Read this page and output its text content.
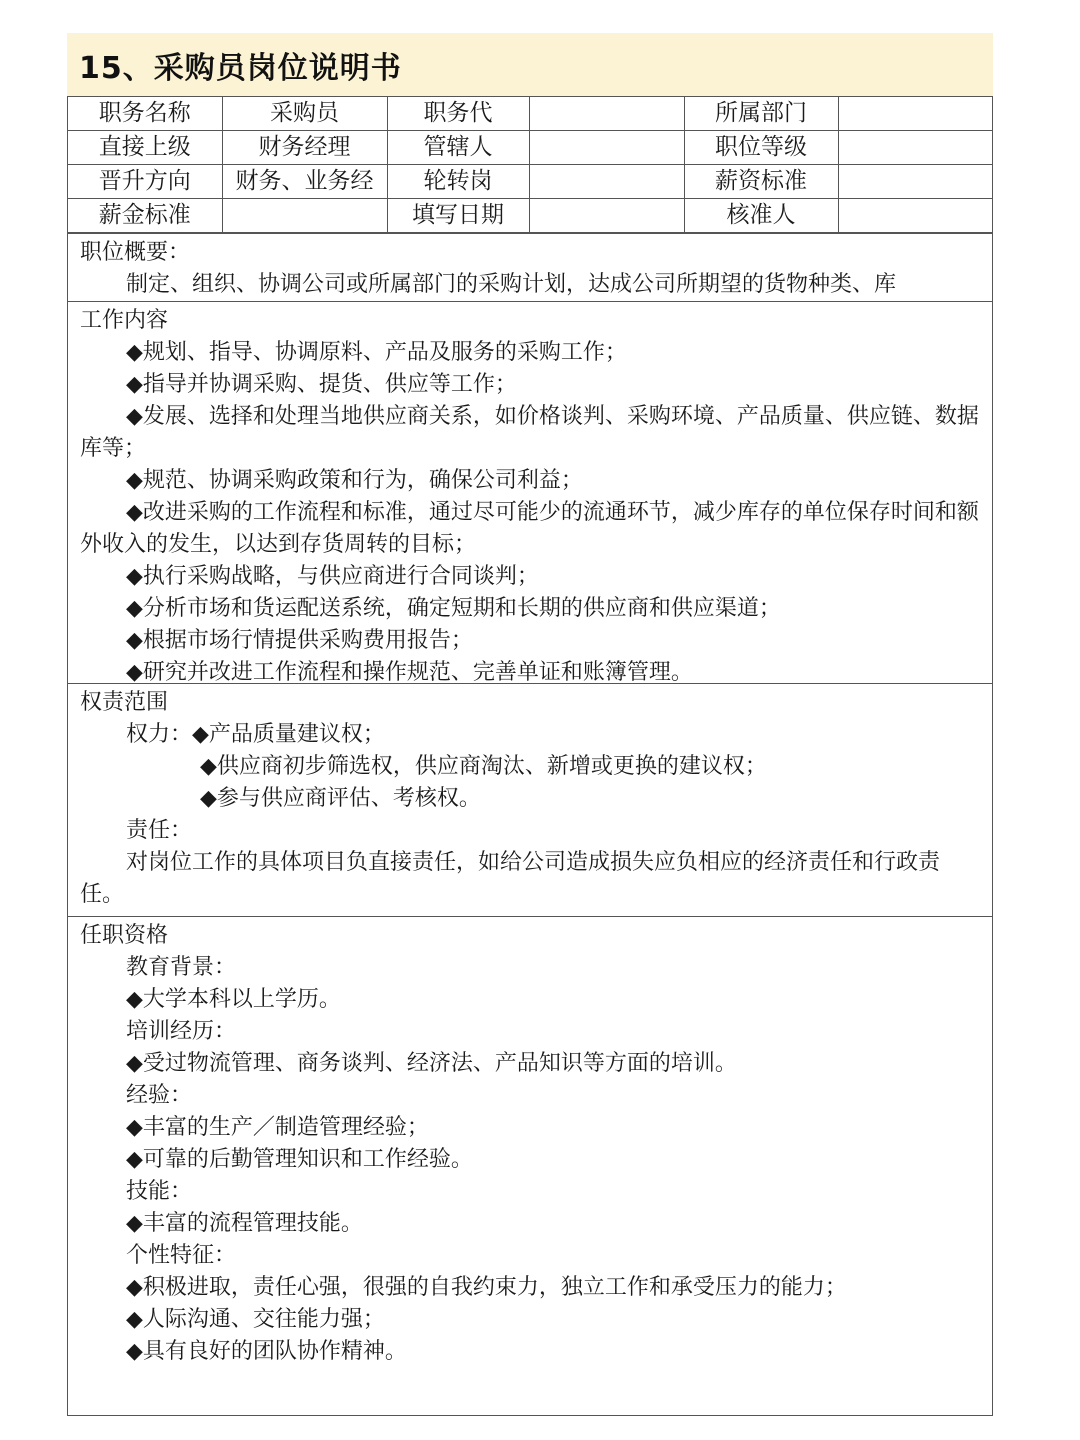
15、采购员岗位说明书
职务名称	采购员	职务代		所属部门	
直接上级	财务经理	管辖人		职位等级	
晋升方向	财务、业务经	轮转岗		薪资标准	
薪金标准		填写日期		核准人	

职位概要：

制定、组织、协调公司或所属部门的采购计划，达成公司所期望的货物种类、库

工作内容

◆规划、指导、协调原料、产品及服务的采购工作；

◆指导并协调采购、提货、供应等工作；

◆发展、选择和处理当地供应商关系，如价格谈判、采购环境、产品质量、供应链、数据库等；

◆规范、协调采购政策和行为，确保公司利益；

◆改进采购的工作流程和标准，通过尽可能少的流通环节，减少库存的单位保存时间和额外收入的发生，以达到存货周转的目标；

◆执行采购战略，与供应商进行合同谈判；

◆分析市场和货运配送系统，确定短期和长期的供应商和供应渠道；

◆根据市场行情提供采购费用报告；

◆研究并改进工作流程和操作规范、完善单证和账簿管理。

权责范围

权力：◆产品质量建议权；

◆供应商初步筛选权，供应商淘汰、新增或更换的建议权；

◆参与供应商评估、考核权。

责任：

对岗位工作的具体项目负直接责任，如给公司造成损失应负相应的经济责任和行政责任。

任职资格

教育背景：

◆大学本科以上学历。

培训经历：

◆受过物流管理、商务谈判、经济法、产品知识等方面的培训。

经验：

◆丰富的生产／制造管理经验；

◆可靠的后勤管理知识和工作经验。

技能：

◆丰富的流程管理技能。

个性特征：

◆积极进取，责任心强，很强的自我约束力，独立工作和承受压力的能力；

◆人际沟通、交往能力强；

◆具有良好的团队协作精神。
